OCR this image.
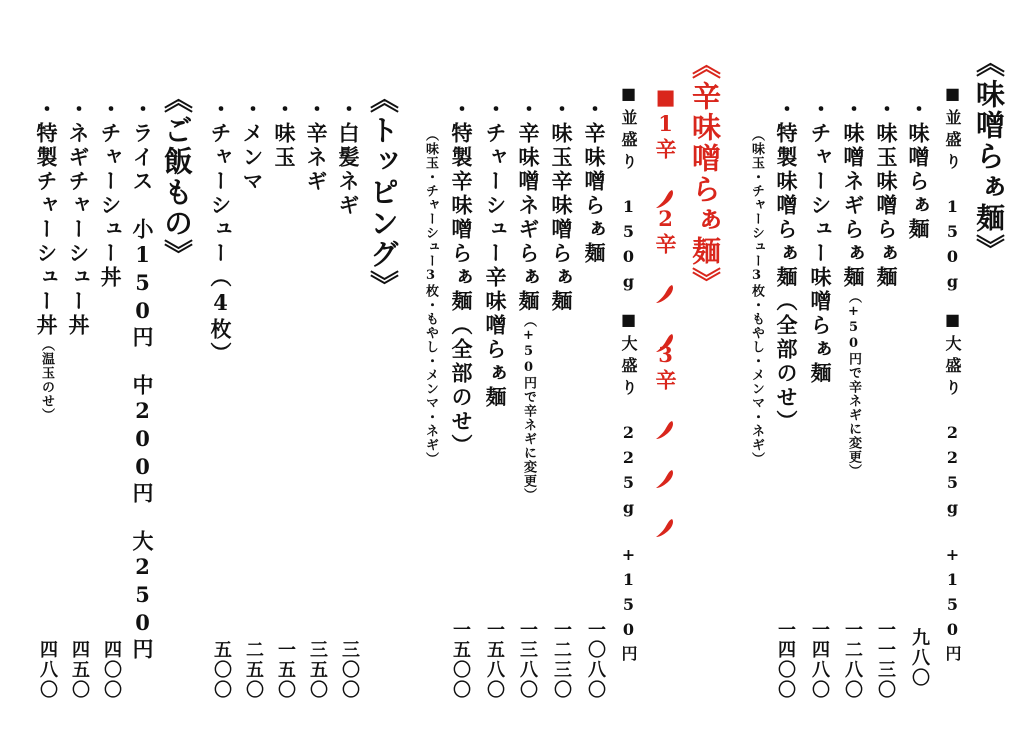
《味噌らぁ麺》
■並盛り　150g
■大盛り　225g　+150円
・味噌らぁ麺
・味玉味噌らぁ麺
・味噌ネギらぁ麺（+50円で辛ネギに変更）
・チャーシュー味噌らぁ麺
・特製味噌らぁ麺（全部のせ）
（味玉・チャーシュー3枚・もやし・メンマ・ネギ）
九八〇
一一三〇
一二八〇
一四八〇
一四〇〇
《辛味噌らぁ麺》
■1辛
2辛

3辛

■並盛り　150g
■大盛り　225g　+150円
・辛味噌らぁ麺
・味玉辛味噌らぁ麺
・辛味噌ネギらぁ麺（+50円で辛ネギに変更）
・チャーシュー辛味噌らぁ麺
・特製辛味噌らぁ麺（全部のせ）
（味玉・チャーシュー3枚・もやし・メンマ・ネギ）
一〇八〇
一二三〇
一三八〇
一五八〇
一五〇〇
《トッピング》
・白髪ネギ
・辛ネギ
・味玉
・メンマ
・チャーシュー（4枚）
三〇〇
三五〇
一五〇
二五〇
五〇〇
《ご飯もの》
・ライス　小150円　中200円　大250円
・チャーシュー丼
・ネギチャーシュー丼
・特製チャーシュー丼（温玉のせ）
四〇〇
四五〇
四八〇
